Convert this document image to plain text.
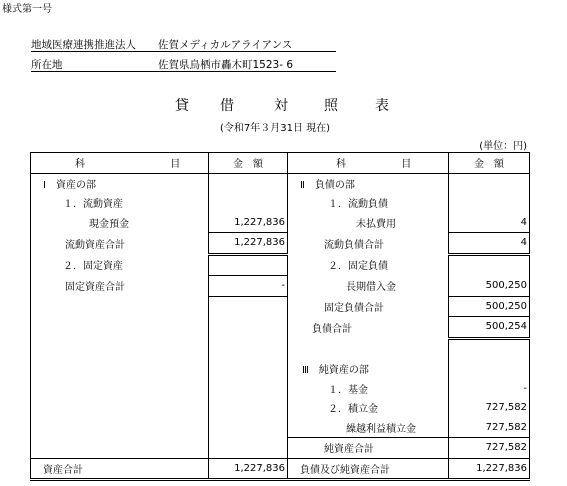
様式第一号
地域医療連携推進法人 佐賀メディカルアライアンス
所在地	佐賀県鳥栖市轟木町1523- 6
貸 借	対	照	表
(令和7年３月31日 現在)
(単位：円)
科 目	金　額	科 目	金　額
Ⅰ　資産の部		Ⅱ　負債の部	
１．流動資産		１．流動負債	
現金預金	1,227,836	未払費用	4
流動資産合計	1,227,836	流動負債合計	4
２．固定資産		２．固定負債	
固定資産合計	-	長期借入金	500,250
		固定負債合計	500,250
		負債合計	500,254

		Ⅲ　純資産の部	
		１．基金	-
		２．積立金	727,582
		繰越利益積立金	727,582
		純資産合計	727,582
資産合計	1,227,836	負債及び純資産合計	1,227,836
